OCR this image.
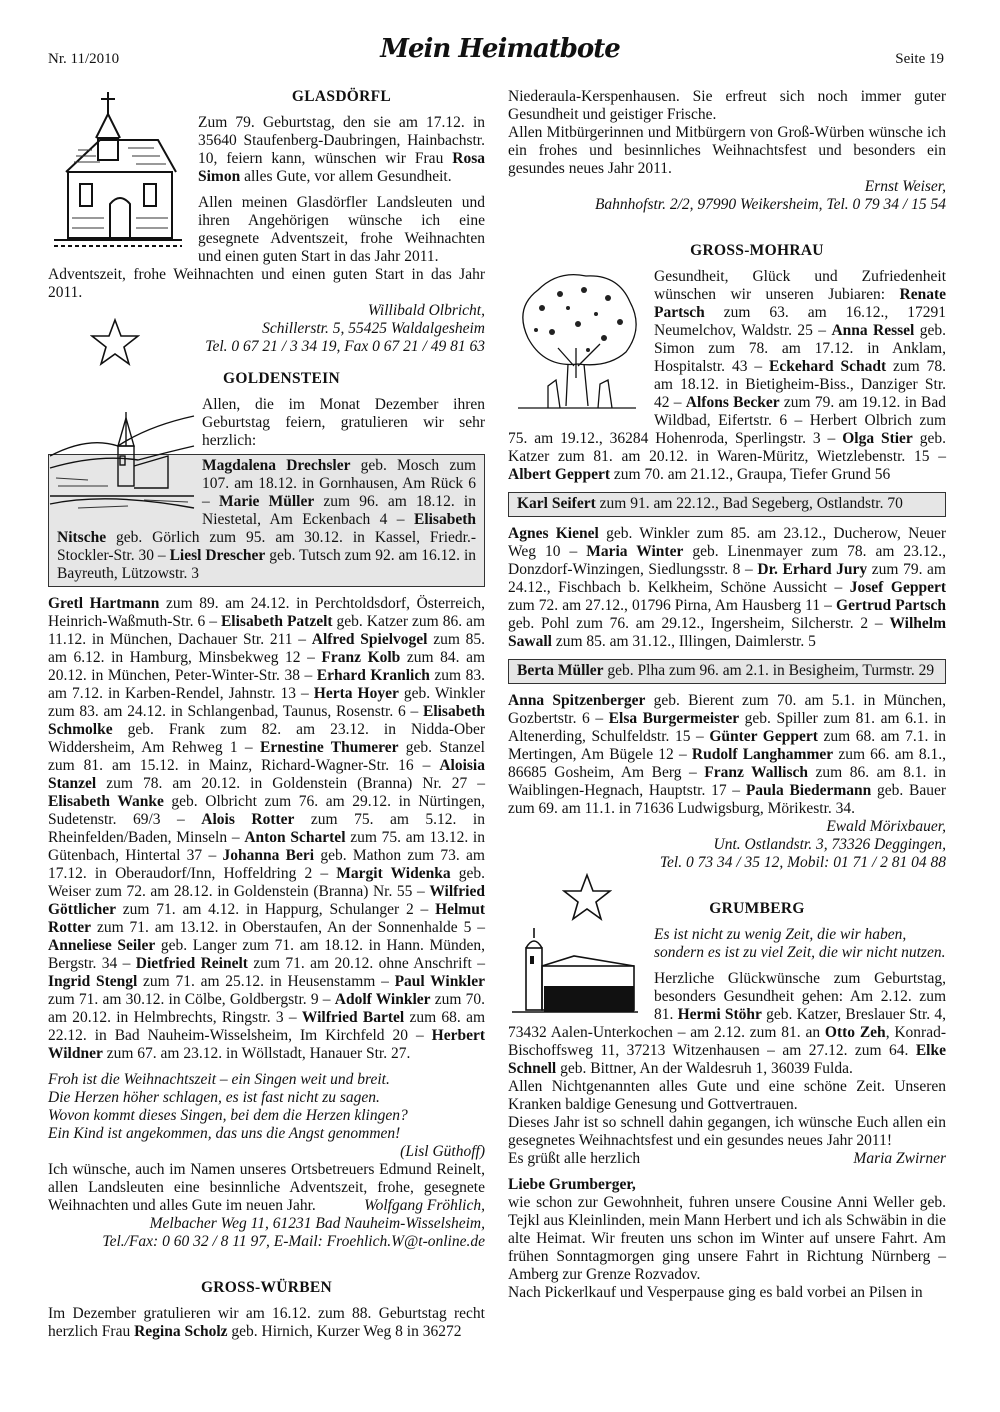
Nr. 11/2010	Mein Heimatbote	Seite 19
GLASDÖRFL

Zum 79. Geburtstag, den sie am 17.12. in 35640 Staufenberg-Daubringen, Hainbachstr. 10, feiern kann, wünschen wir Frau Rosa Simon alles Gute, vor allem Gesundheit.

Allen meinen Glasdörfler Landsleuten und ihren Angehörigen wünsche ich eine gesegnete Adventszeit, frohe Weihnachten und einen guten Start in das Jahr 2011.

Adventszeit, frohe Weihnachten und einen guten Start in das Jahr 2011.

Willibald Olbricht,
Schillerstr. 5, 55425 Waldalgesheim
Tel. 0 67 21 / 3 34 19, Fax 0 67 21 / 49 81 63
GOLDENSTEIN

Allen, die im Monat Dezember ihren Geburtstag feiern, gratulieren wir sehr herzlich:

Magdalena Drechsler geb. Mosch zum 107. am 18.12. in Gornhausen, Am Rück 6 – Marie Müller zum 96. am 18.12. in Niestetal, Am Eckenbach 4 – Elisabeth Nitsche geb. Görlich zum 95. am 30.12. in Kassel, Friedr.-Stockler-Str. 30 – Liesl Drescher geb. Tutsch zum 92. am 16.12. in Bayreuth, Lützowstr. 3

Gretl Hartmann zum 89. am 24.12. in Perchtoldsdorf, Österreich, Heinrich-Waßmuth-Str. 6 – Elisabeth Patzelt geb. Katzer zum 86. am 11.12. in München, Dachauer Str. 211 – Alfred Spielvogel zum 85. am 6.12. in Hamburg, Minsbekweg 12 – Franz Kolb zum 84. am 20.12. in München, Peter-Winter-Str. 38 – Erhard Kranlich zum 83. am 7.12. in Karben-Rendel, Jahnstr. 13 – Herta Hoyer geb. Winkler zum 83. am 24.12. in Schlangenbad, Taunus, Rosenstr. 6 – Elisabeth Schmolke geb. Frank zum 82. am 23.12. in Nidda-Ober Widdersheim, Am Rehweg 1 – Ernestine Thumerer geb. Stanzel zum 81. am 15.12. in Mainz, Richard-Wagner-Str. 16 – Aloisia Stanzel zum 78. am 20.12. in Goldenstein (Branna) Nr. 27 – Elisabeth Wanke geb. Olbricht zum 76. am 29.12. in Nürtingen, Sudetenstr. 69/3 – Alois Rotter zum 75. am 5.12. in Rheinfelden/Baden, Minseln – Anton Schartel zum 75. am 13.12. in Gütenbach, Hintertal 37 – Johanna Beri geb. Mathon zum 73. am 17.12. in Oberaudorf/Inn, Hoffeldring 2 – Margit Widenka geb. Weiser zum 72. am 28.12. in Goldenstein (Branna) Nr. 55 – Wilfried Göttlicher zum 71. am 4.12. in Happurg, Schulanger 2 – Helmut Rotter zum 71. am 13.12. in Oberstaufen, An der Sonnenhalde 5 – Anneliese Seiler geb. Langer zum 71. am 18.12. in Hann. Münden, Bergstr. 34 – Dietfried Reinelt zum 71. am 20.12. ohne Anschrift – Ingrid Stengl zum 71. am 25.12. in Heusenstamm – Paul Winkler zum 71. am 30.12. in Cölbe, Goldbergstr. 9 – Adolf Winkler zum 70. am 20.12. in Helmbrechts, Ringstr. 3 – Wilfried Bartel zum 68. am 22.12. in Bad Nauheim-Wisselsheim, Im Kirchfeld 20 – Herbert Wildner zum 67. am 23.12. in Wöllstadt, Hanauer Str. 27.

Froh ist die Weihnachtszeit – ein Singen weit und breit.
Die Herzen höher schlagen, es ist fast nicht zu sagen.
Wovon kommt dieses Singen, bei dem die Herzen klingen?
Ein Kind ist angekommen, das uns die Angst genommen!
(Lisl Güthoff)

Ich wünsche, auch im Namen unseres Ortsbetreuers Edmund Reinelt, allen Landsleuten eine besinnliche Adventszeit, frohe, gesegnete Weihnachten und alles Gute im neuen Jahr.	Wolfgang Fröhlich,

Melbacher Weg 11, 61231 Bad Nauheim-Wisselsheim,
Tel./Fax: 0 60 32 / 8 11 97, E-Mail: Froehlich.W@t-online.de
GROSS-WÜRBEN

Im Dezember gratulieren wir am 16.12. zum 88. Geburtstag recht herzlich Frau Regina Scholz geb. Hirnich, Kurzer Weg 8 in 36272

Niederaula-Kerspenhausen. Sie erfreut sich noch immer guter Gesundheit und geistiger Frische.

Allen Mitbürgerinnen und Mitbürgern von Groß-Würben wünsche ich ein frohes und besinnliches Weihnachtsfest und besonders ein gesundes neues Jahr 2011.

Ernst Weiser,
Bahnhofstr. 2/2, 97990 Weikersheim, Tel. 0 79 34 / 15 54
GROSS-MOHRAU

Gesundheit, Glück und Zufriedenheit wünschen wir unseren Jubiaren: Renate Partsch zum 63. am 16.12., 17291 Neumelchov, Waldstr. 25 – Anna Ressel geb. Simon zum 78. am 17.12. in Anklam, Hospitalstr. 43 – Eckehard Schadt zum 78. am 18.12. in Bietigheim-Biss., Danziger Str. 42 – Alfons Becker zum 79. am 19.12. in Bad Wildbad, Eifertstr. 6 – Herbert Olbrich zum 75. am 19.12., 36284 Hohenroda, Sperlingstr. 3 – Olga Stier geb. Katzer zum 81. am 20.12. in Waren-Müritz, Wietzlebenstr. 15 – Albert Geppert zum 70. am 21.12., Graupa, Tiefer Grund 56

Karl Seifert zum 91. am 22.12., Bad Segeberg, Ostlandstr. 70

Agnes Kienel geb. Winkler zum 85. am 23.12., Ducherow, Neuer Weg 10 – Maria Winter geb. Linenmayer zum 78. am 23.12., Donzdorf-Winzingen, Siedlungsstr. 8 – Dr. Erhard Jury zum 79. am 24.12., Fischbach b. Kelkheim, Schöne Aussicht – Josef Geppert zum 72. am 27.12., 01796 Pirna, Am Hausberg 11 – Gertrud Partsch geb. Pohl zum 76. am 29.12., Ingersheim, Silcherstr. 2 – Wilhelm Sawall zum 85. am 31.12., Illingen, Daimlerstr. 5

Berta Müller geb. Plha zum 96. am 2.1. in Besigheim, Turmstr. 29

Anna Spitzenberger geb. Bierent zum 70. am 5.1. in München, Gozbertstr. 6 – Elsa Burgermeister geb. Spiller zum 81. am 6.1. in Altenerding, Schulfeldstr. 15 – Günter Geppert zum 68. am 7.1. in Mertingen, Am Bügele 12 – Rudolf Langhammer zum 66. am 8.1., 86685 Gosheim, Am Berg – Franz Wallisch zum 86. am 8.1. in Waiblingen-Hegnach, Hauptstr. 17 – Paula Biedermann geb. Bauer zum 69. am 11.1. in 71636 Ludwigsburg, Mörikestr. 34.

Ewald Mörixbauer,
Unt. Ostlandstr. 3, 73326 Deggingen,
Tel. 0 73 34 / 35 12, Mobil: 01 71 / 2 81 04 88
GRUMBERG
Es ist nicht zu wenig Zeit, die wir haben, sondern es ist zu viel Zeit, die wir nicht nutzen.

Herzliche Glückwünsche zum Geburtstag, besonders Gesundheit gehen: Am 2.12. zum 81. Hermi Stöhr geb. Katzer, Breslauer Str. 4, 73432 Aalen-Unterkochen – am 2.12. zum 81. an Otto Zeh, Konrad-Bischoffsweg 11, 37213 Witzenhausen – am 27.12. zum 64. Elke Schnell geb. Bittner, An der Waldesruh 1, 36039 Fulda.

Allen Nichtgenannten alles Gute und eine schöne Zeit. Unseren Kranken baldige Genesung und Gottvertrauen.

Dieses Jahr ist so schnell dahin gegangen, ich wünsche Euch allen ein gesegnetes Weihnachtsfest und ein gesundes neues Jahr 2011!

Es grüßt alle herzlich	Maria Zwirner

Liebe Grumberger,

wie schon zur Gewohnheit, fuhren unsere Cousine Anni Weller geb. Tejkl aus Kleinlinden, mein Mann Herbert und ich als Schwäbin in die alte Heimat. Wir freuten uns schon im Winter auf unsere Fahrt. Am frühen Sonntagmorgen ging unsere Fahrt in Richtung Nürnberg – Amberg zur Grenze Rozvadov.

Nach Pickerlkauf und Vesperpause ging es bald vorbei an Pilsen in
